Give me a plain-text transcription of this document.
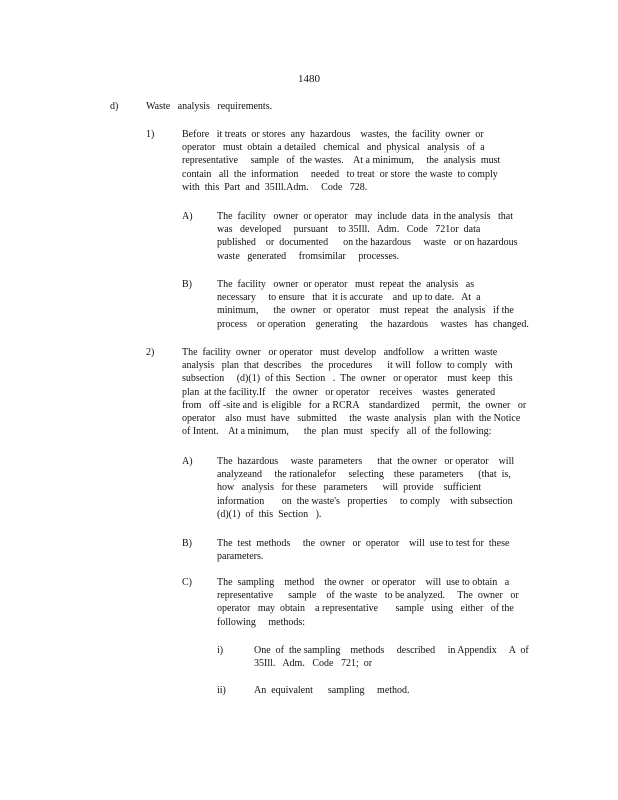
1480
d)	Waste   analysis   requirements.
1)	Before   it treats  or stores  any  hazardous    wastes,  the  facility  owner  or
operator   must  obtain  a detailed   chemical   and  physical   analysis   of  a
representative     sample   of  the wastes.    At a minimum,     the  analysis  must
contain   all  the  information     needed   to treat  or store  the waste  to comply
with  this  Part  and  35Ill.Adm.     Code   728.
A) The  facility   owner  or operator   may  include  data  in the analysis   that
was   developed     pursuant    to 35Ill.   Adm.   Code   721or  data
published    or  documented      on the hazardous     waste   or on hazardous
waste   generated     fromsimilar     processes.
B)	The  facility   owner  or operator   must  repeat  the  analysis   as
necessary     to ensure   that  it is accurate    and  up to date.   At  a
minimum,      the  owner   or  operator    must  repeat   the  analysis   if the
process    or operation    generating     the  hazardous     wastes   has  changed.
2)	The  facility  owner   or operator   must  develop   andfollow    a written  waste
analysis   plan  that  describes    the  procedures      it will  follow  to comply   with
subsection     (d)(1)  of this  Section   .  The  owner   or operator    must  keep   this
plan  at the facility.If    the  owner   or operator    receives    wastes   generated
from   off -site and  is eligible   for  a RCRA    standardized     permit,   the  owner   or
operator    also  must  have   submitted     the  waste  analysis   plan  with  the Notice
of Intent.    At a minimum,      the  plan  must   specify   all  of  the following:
A) The  hazardous     waste  parameters      that  the owner   or operator    will
analyzeand     the rationalefor     selecting    these  parameters      (that  is,
how   analysis   for these   parameters      will  provide    sufficient
information       on  the waste's   properties     to comply    with subsection
(d)(1)  of  this  Section   ).
B)	The  test  methods     the  owner   or  operator    will  use to test for  these
parameters.
C)	The  sampling    method    the owner   or operator    will  use to obtain   a
representative      sample    of  the waste   to be analyzed.     The  owner   or
operator   may  obtain    a representative       sample   using   either   of the
following     methods:
i)	One  of  the sampling    methods     described     in Appendix     A  of
35Ill.   Adm.   Code   721;  or
ii)	An  equivalent      sampling     method.
